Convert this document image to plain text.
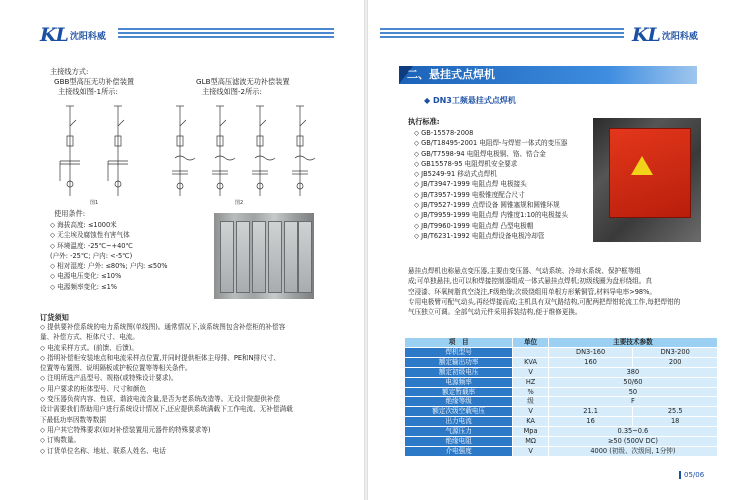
KL 沈阳科威
主接线方式:
GBB型高压无功补偿装置
主接线如图-1所示:
GLB型高压滤波无功补偿装置
主接线如图-2所示:
图1	图2
使用条件:
◇ 海拔高度: ≤1000米
◇ 无尘埃及腐蚀性有害气体
◇ 环境温度: -25℃~+40℃
(户外: -25℃; 户内: <-5℃)
◇ 相对湿度: 户外: ≤80%; 户内: ≤50%
◇ 电源电压变化: ≤10%
◇ 电源频率变化: ≤1%
订货须知
◇ 提供要补偿系统的电力系统图(单线图)。通常情况下,该系统图包含补偿柜的补偿容
量、补偿方式、柜体尺寸、电流。
◇ 电流采样方式。(前馈、后馈)。
◇ 指明补偿柜安装地点和电流采样点位置,并同时提供柜体主母排、PE和N排尺寸、
位置等布置图、说明隔板或护板位置等等相关条件。
◇ 注明所选产品型号、规格(或特殊设计要求)。
◇ 用户要求的柜体型号、尺寸和颜色
◇ 变压器负荷内容、性质、谐波电流含量,是否为老系统改造等。无设计院提供补偿
设计需要我们帮助用户进行系统设计情况下,还应提供系统满载下工作电流、无补偿满载
下最低功率因数等数据
◇ 用户其它特殊要求(如对补偿装置用元器件的特殊要求等)
◇ 订购数量。
◇ 订货单位名称、地址、联系人姓名、电话
KL 沈阳科威
二、悬挂式点焊机
◆ DN3工频悬挂式点焊机
执行标准:
◇ GB-15578-2008
◇ GB/T18495-2001 电阻焊-与焊钳一体式的变压器
◇ GB/T7598-94 电阻焊电极铜、铬、锆合金
◇ GB15578-95 电阻焊机安全要求
◇ JB5249-91 移动式点焊机
◇ JB/T3947-1999 电阻点焊 电极接头
◇ JB/T3957-1999 电极锥度配合尺寸
◇ JB/T9527-1999 点焊设备 圆锥塞规和圆锥环规
◇ JB/T9959-1999 电阻点焊 内锥度1:10的电极接头
◇ JB/T9960-1999 电阻点焊 凸型电极帽
◇ JB/T6231-1992 电阻点焊设备电极冷却管
悬挂点焊机也称悬点变压器,主要由变压器、气动系统、冷却水系统、保护框等组
成;可单独悬挂,也可以和焊接控制器组成一体式悬挂点焊机;初级线圈为盘形绕组。真
空浸漆、环氧树脂真空浇注,F级绝缘;次级绕组用单根方形紫铜管,材料导电率>98%。
专用电极臂可配气动头,再经焊接而成;主机具有双气路结构,可配两把焊钳轮流工作,每把焊钳的
气压独立可调。全部气动元件采用拆装结构,便于维修更换。
项　目	单位	主要技术参数	
焊机型号		DN3-160	DN3-200
额定输出功率	KVA	160	200
额定初级电压	V	380	
电源频率	HZ	50/60	
额定暂载率	%	50	
绝缘等级	级	F	
额定次级空载电压	V	21.1	25.5
出力电流	KA	16	18
气源压力	Mpa	0.35~0.6	
绝缘电阻	MΩ	≥50 (500V DC)	
介电强度	V	4000 (初级、次级间, 1分钟)	
05/06
